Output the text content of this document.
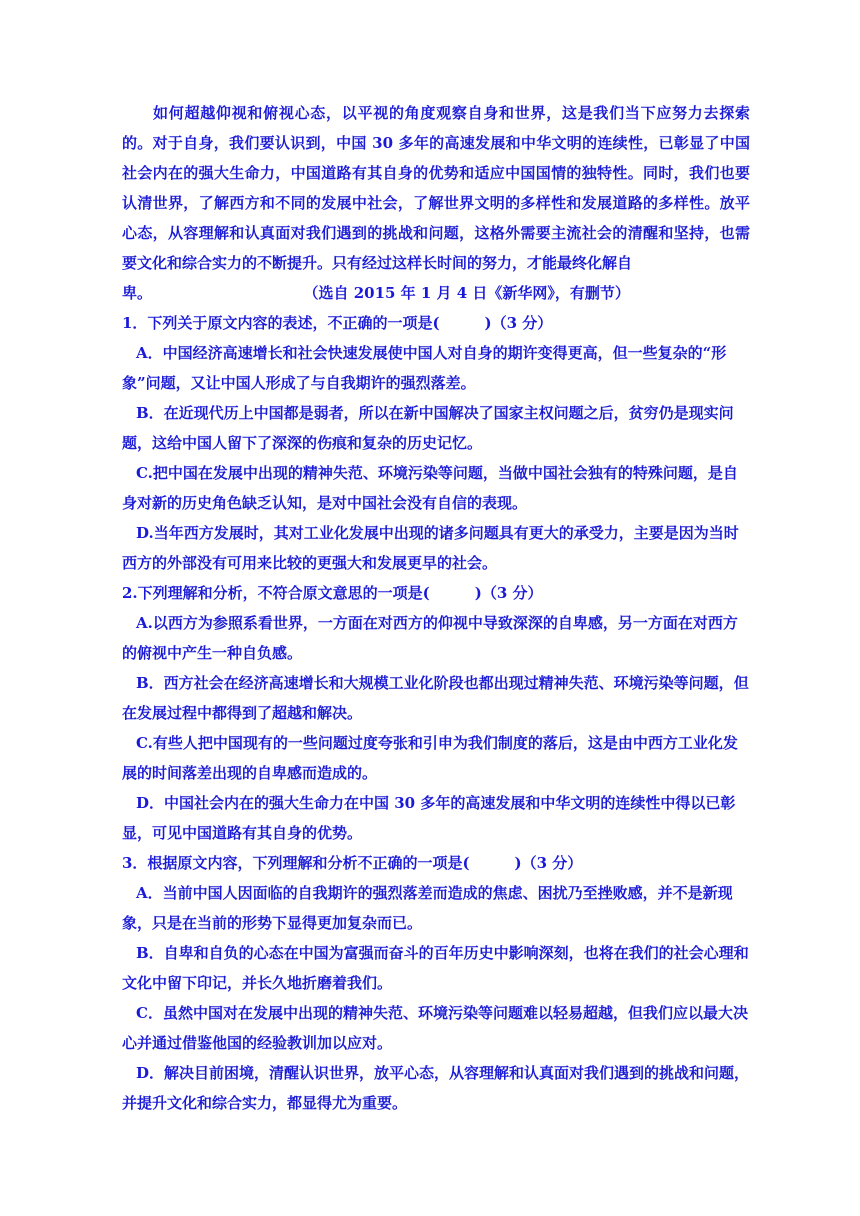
如何超越仰视和俯视心态，以平视的角度观察自身和世界，这是我们当下应努力去探索的。对于自身，我们要认识到，中国 30 多年的高速发展和中华文明的连续性，已彰显了中国社会内在的强大生命力，中国道路有其自身的优势和适应中国国情的独特性。同时，我们也要认清世界，了解西方和不同的发展中社会，了解世界文明的多样性和发展道路的多样性。放平心态，从容理解和认真面对我们遇到的挑战和问题，这格外需要主流社会的清醒和坚持，也需要文化和综合实力的不断提升。只有经过这样长时间的努力，才能最终化解自

卑。	（选自 2015 年 1 月 4 日《新华网》，有删节）

1．下列关于原文内容的表述，不正确的一项是(　　　)（3 分）

A．中国经济高速增长和社会快速发展使中国人对自身的期许变得更高，但一些复杂的“形象”问题，又让中国人形成了与自我期许的强烈落差。

B．在近现代历上中国都是弱者，所以在新中国解决了国家主权问题之后，贫穷仍是现实问题，这给中国人留下了深深的伤痕和复杂的历史记忆。

C.把中国在发展中出现的精神失范、环境污染等问题，当做中国社会独有的特殊问题，是自身对新的历史角色缺乏认知，是对中国社会没有自信的表现。

D.当年西方发展时，其对工业化发展中出现的诸多问题具有更大的承受力，主要是因为当时西方的外部没有可用来比较的更强大和发展更早的社会。

2.下列理解和分析，不符合原文意思的一项是(　　　)（3 分）

A.以西方为参照系看世界，一方面在对西方的仰视中导致深深的自卑感，另一方面在对西方的俯视中产生一种自负感。

B．西方社会在经济高速增长和大规模工业化阶段也都出现过精神失范、环境污染等问题，但在发展过程中都得到了超越和解决。

C.有些人把中国现有的一些问题过度夸张和引申为我们制度的落后，这是由中西方工业化发展的时间落差出现的自卑感而造成的。

D．中国社会内在的强大生命力在中国 30 多年的高速发展和中华文明的连续性中得以已彰显，可见中国道路有其自身的优势。

3．根据原文内容，下列理解和分析不正确的一项是(　　　)（3 分）

A．当前中国人因面临的自我期许的强烈落差而造成的焦虑、困扰乃至挫败感，并不是新现象，只是在当前的形势下显得更加复杂而已。

B．自卑和自负的心态在中国为富强而奋斗的百年历史中影响深刻，也将在我们的社会心理和文化中留下印记，并长久地折磨着我们。

C．虽然中国对在发展中出现的精神失范、环境污染等问题难以轻易超越，但我们应以最大决心并通过借鉴他国的经验教训加以应对。

D．解决目前困境，清醒认识世界，放平心态，从容理解和认真面对我们遇到的挑战和问题，并提升文化和综合实力，都显得尤为重要。
